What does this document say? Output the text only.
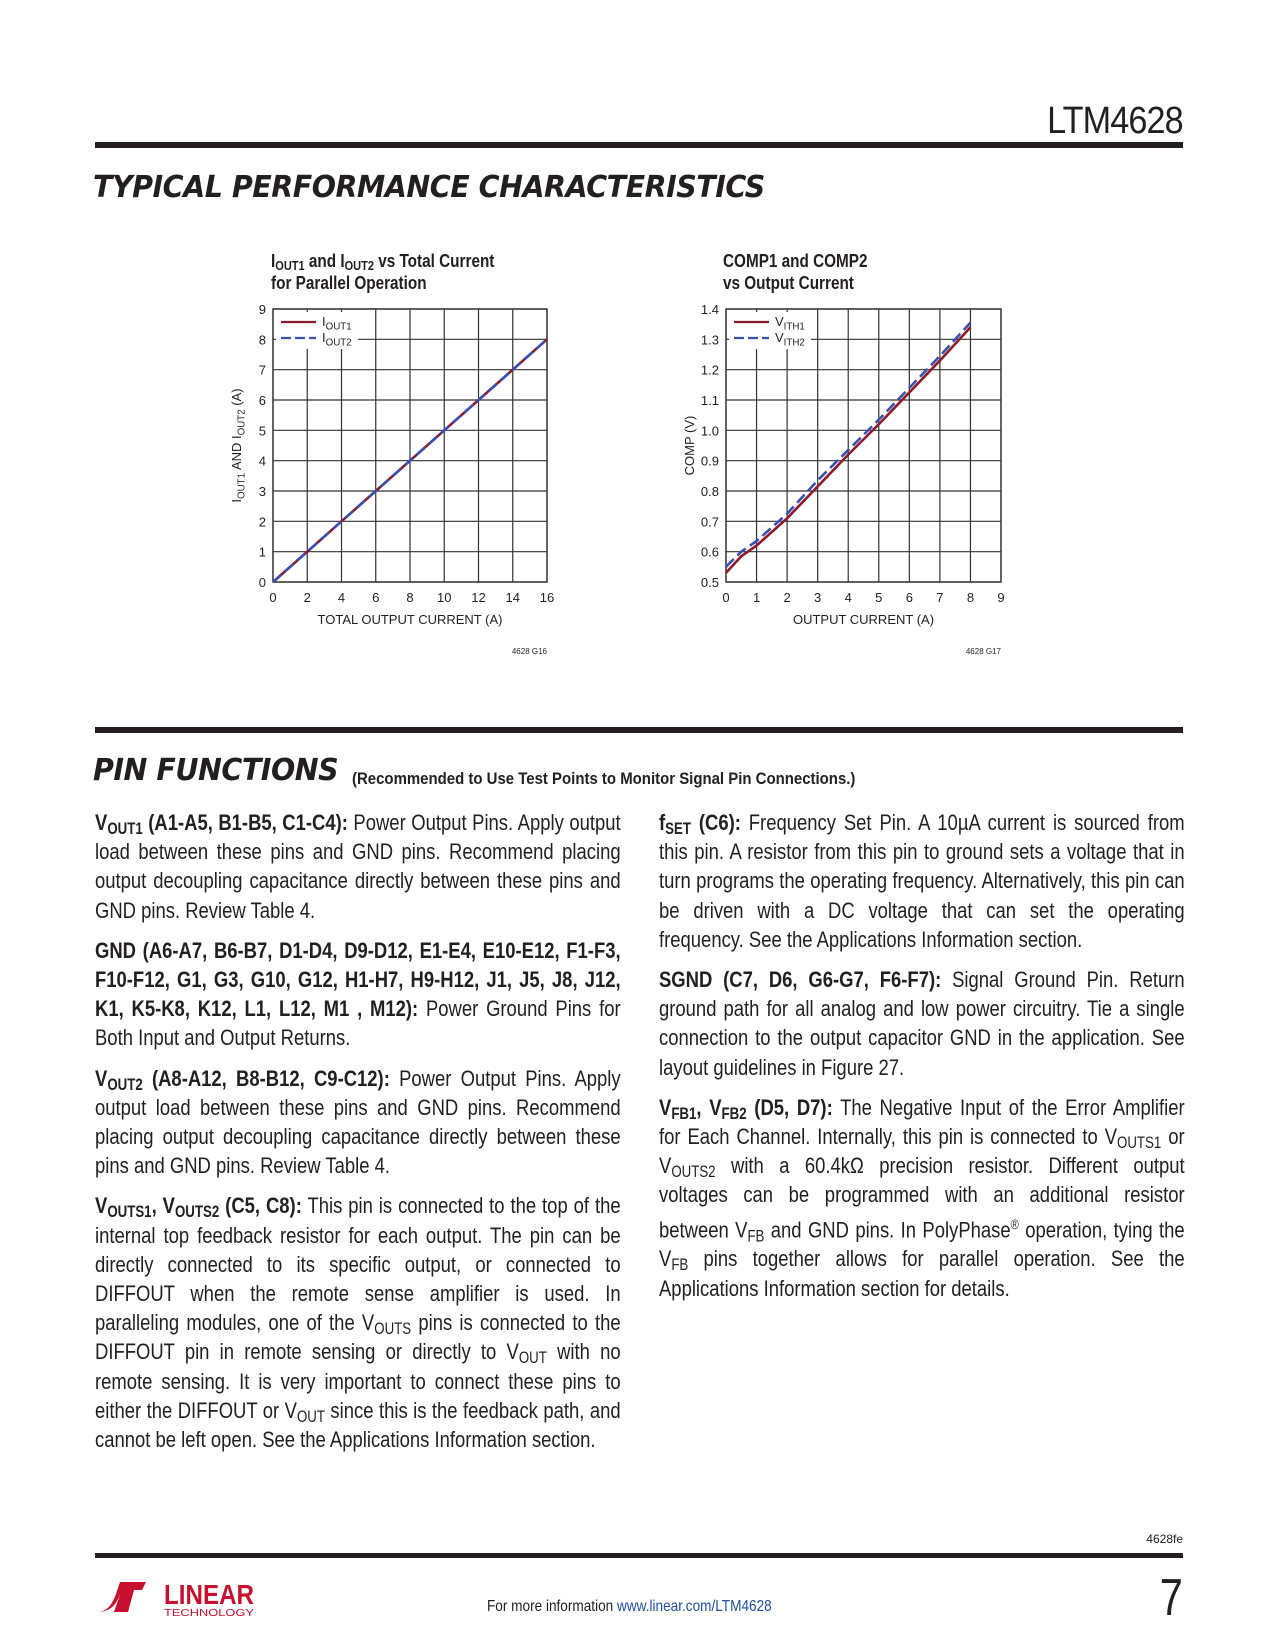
LTM4628
TYPICAL PERFORMANCE CHARACTERISTICS
$I_{OUT1}$ and $I_{OUT2}$ vs Total Current
for Parallel Operation
0 2 4 6 8 10 12 14 16
0
1
2
3
4
5
6
7
8
9
$I_{OUT1}$
$I_{OUT2}$
TOTAL OUTPUT CURRENT (A)
$I_{OUT1}$ AND $I_{OUT2}$ (A)
4628 G16
COMP1 and COMP2
vs Output Current
0 1 2 3 4 5 6 7 8 9
0.5
0.6
0.7
0.8
0.9
1.0
1.1
1.2
1.3
1.4
$V_{ITH1}$
$V_{ITH2}$
OUTPUT CURRENT (A)
COMP (V)
4628 G17
PIN FUNCTIONS (Recommended to Use Test Points to Monitor Signal Pin Connections.)

$V_{OUT1}$ (A1-A5, B1-B5, C1-C4): Power Output Pins. Apply output load between these pins and GND pins. Recommend placing output decoupling capacitance directly between these pins and GND pins. Review Table 4.

GND (A6-A7, B6-B7, D1-D4, D9-D12, E1-E4, E10-E12, F1-F3, F10-F12, G1, G3, G10, G12, H1-H7, H9-H12, J1, J5, J8, J12, K1, K5-K8, K12, L1, L12, M1 , M12): Power Ground Pins for Both Input and Output Returns.

$V_{OUT2}$ (A8-A12, B8-B12, C9-C12): Power Output Pins. Apply output load between these pins and GND pins. Recommend placing output decoupling capacitance directly between these pins and GND pins. Review Table 4.

$V_{OUTS1}$, $V_{OUTS2}$ (C5, C8): This pin is connected to the top of the internal top feedback resistor for each output. The pin can be directly connected to its specific output, or connected to DIFFOUT when the remote sense amplifier is used. In paralleling modules, one of the $V_{OUTS}$ pins is connected to the DIFFOUT pin in remote sensing or directly to $V_{OUT}$ with no remote sensing. It is very important to connect these pins to either the DIFFOUT or $V_{OUT}$ since this is the feedback path, and cannot be left open. See the Applications Information section.

$f_{SET}$ (C6): Frequency Set Pin. A 10µA current is sourced from this pin. A resistor from this pin to ground sets a voltage that in turn programs the operating frequency. Alternatively, this pin can be driven with a DC voltage that can set the operating frequency. See the Applications Information section.

SGND (C7, D6, G6-G7, F6-F7): Signal Ground Pin. Return ground path for all analog and low power circuitry. Tie a single connection to the output capacitor GND in the application. See layout guidelines in Figure 27.

$V_{FB1}$, $V_{FB2}$ (D5, D7): The Negative Input of the Error Amplifier for Each Channel. Internally, this pin is connected to $V_{OUTS1}$ or $V_{OUTS2}$ with a 60.4kΩ precision resistor. Different output voltages can be programmed with an additional resistor between $V_{FB}$ and GND pins. In PolyPhase® operation, tying the $V_{FB}$ pins together allows for parallel operation. See the Applications Information section for details.

4628fe
7
LINEAR
TECHNOLOGY	For more information www.linear.com/LTM4628
